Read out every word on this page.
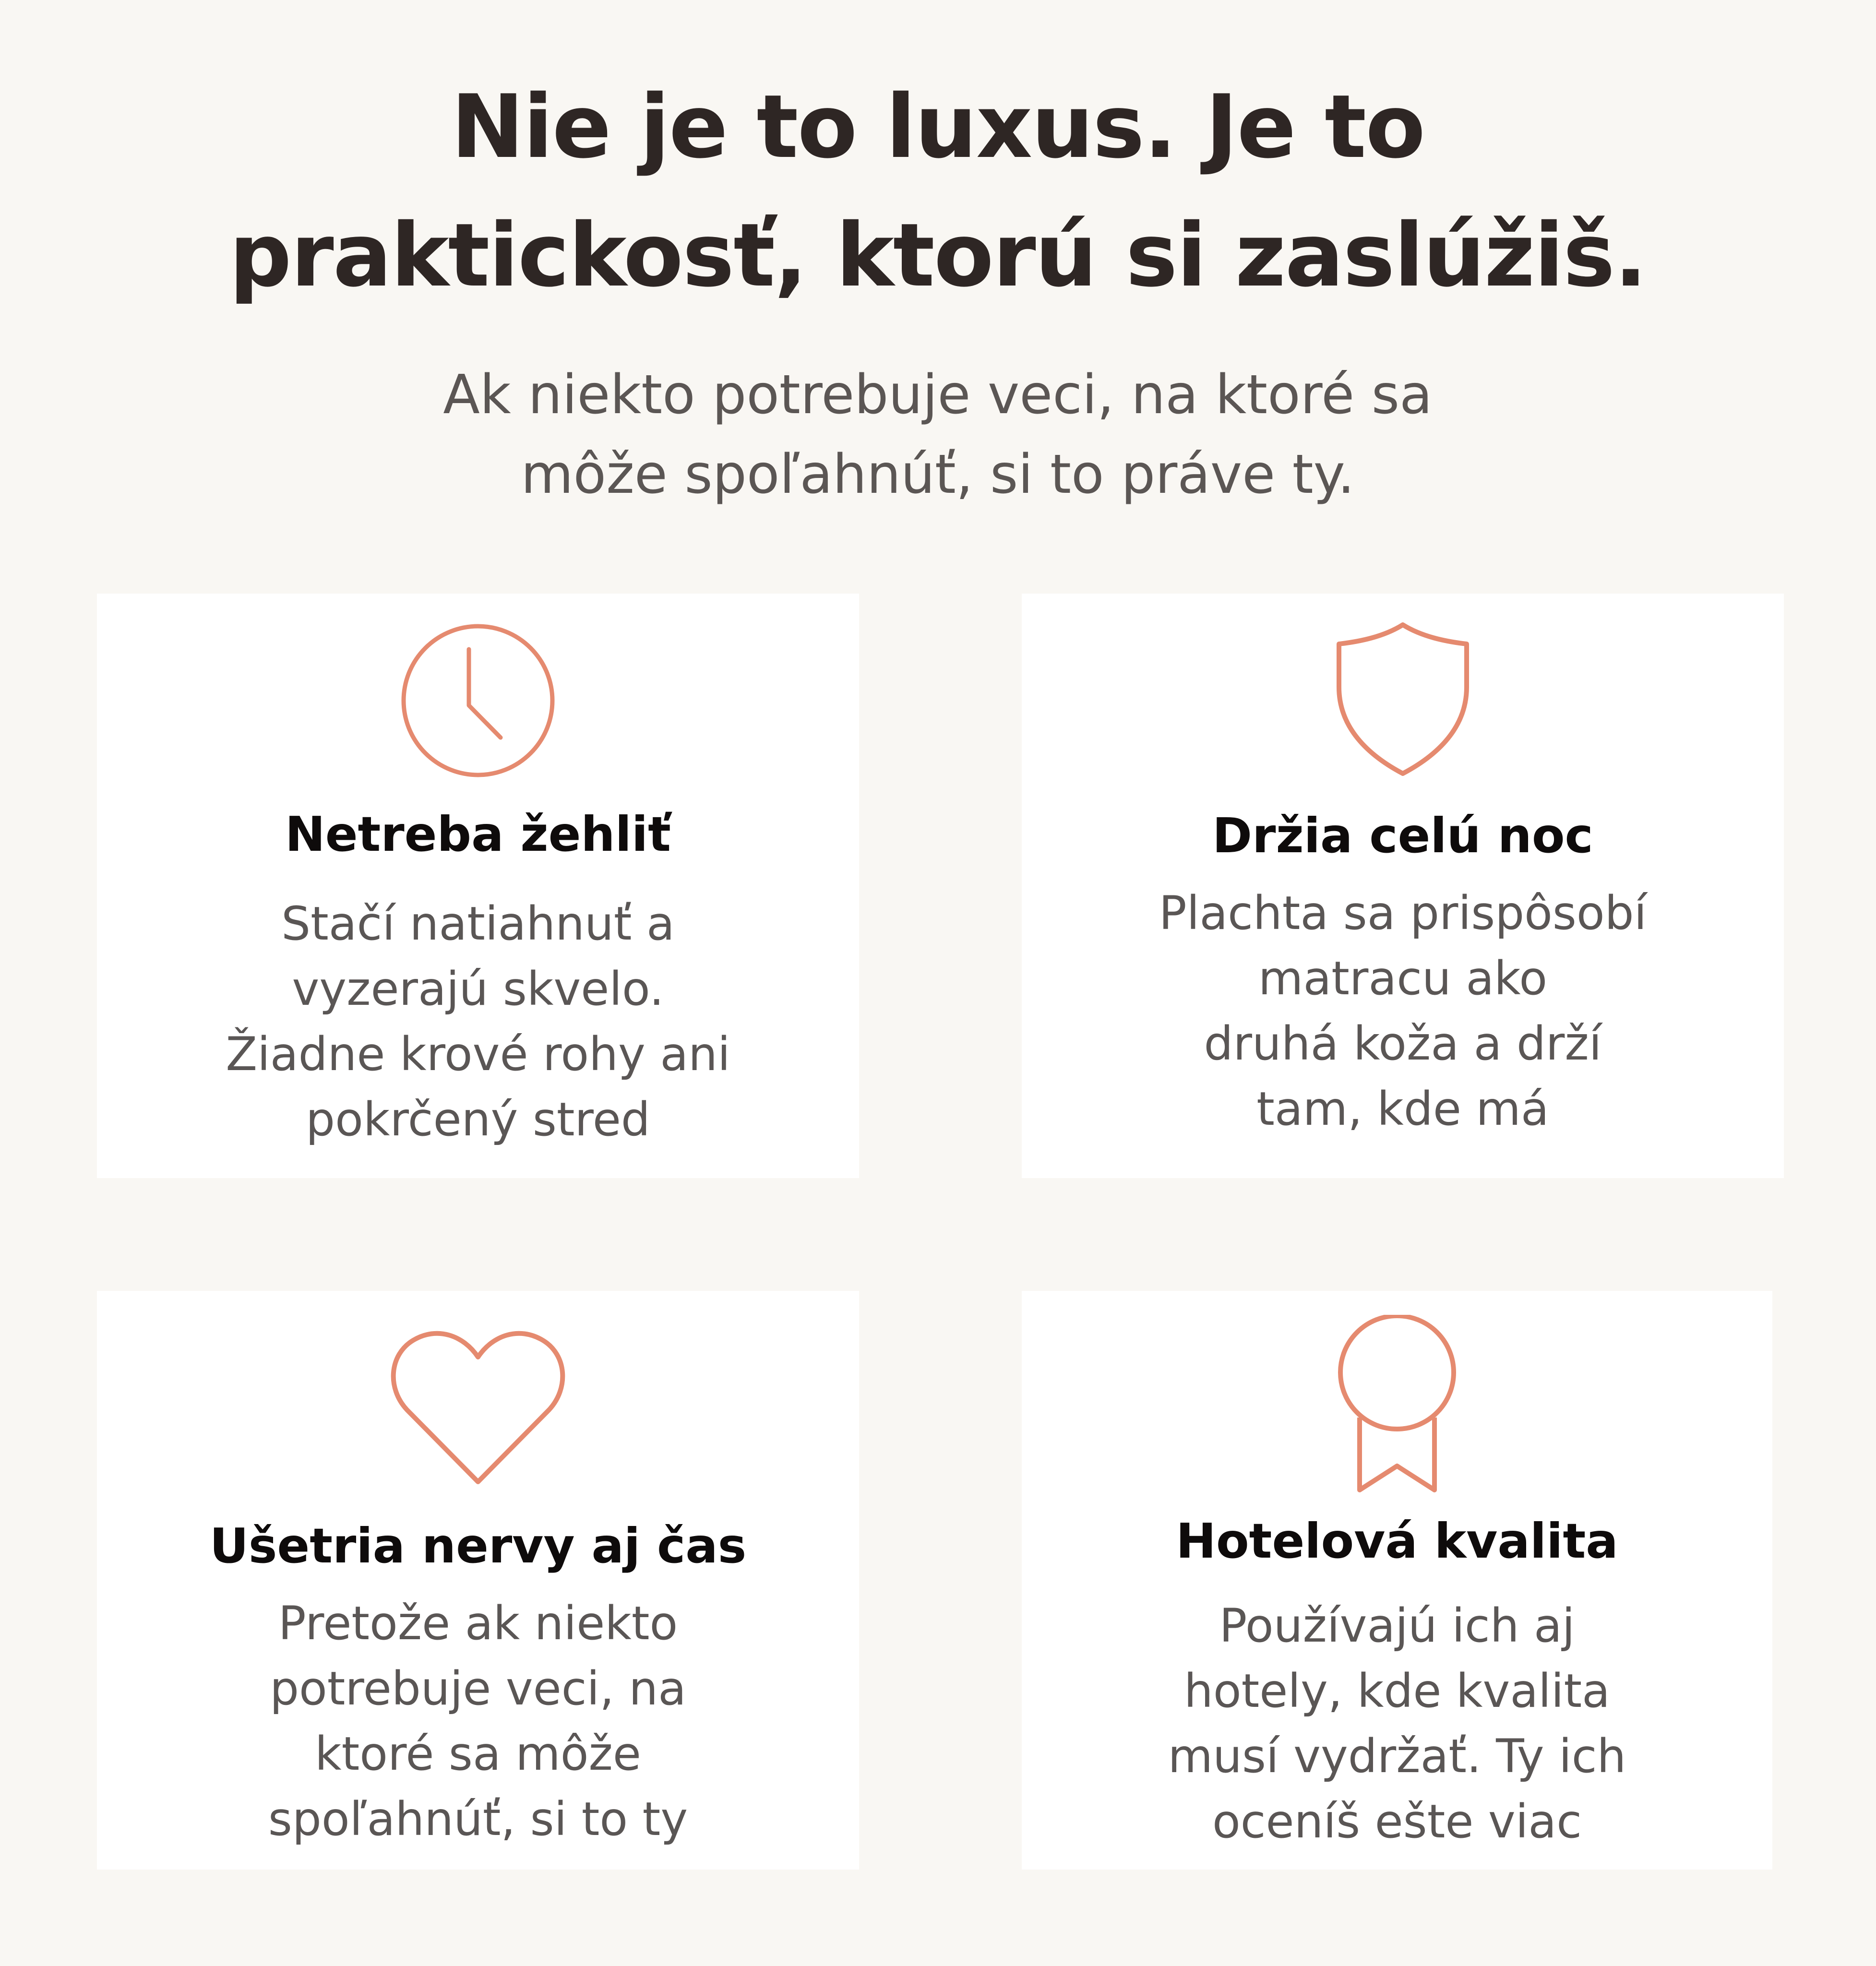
Nie je to luxus. Je to
praktickosť, ktorú si zaslúžiš.
Ak niekto potrebuje veci, na ktoré sa
môže spoľahnúť, si to práve ty.
Netreba žehliť
Stačí natiahnuť a
vyzerajú skvelo.
Žiadne krové rohy ani
pokrčený stred
Držia celú noc
Plachta sa prispôsobí
matracu ako
druhá koža a drží
tam, kde má
Ušetria nervy aj čas
Pretože ak niekto
potrebuje veci, na
ktoré sa môže
spoľahnúť, si to ty
Hotelová kvalita
Používajú ich aj
hotely, kde kvalita
musí vydržať. Ty ich
oceníš ešte viac
